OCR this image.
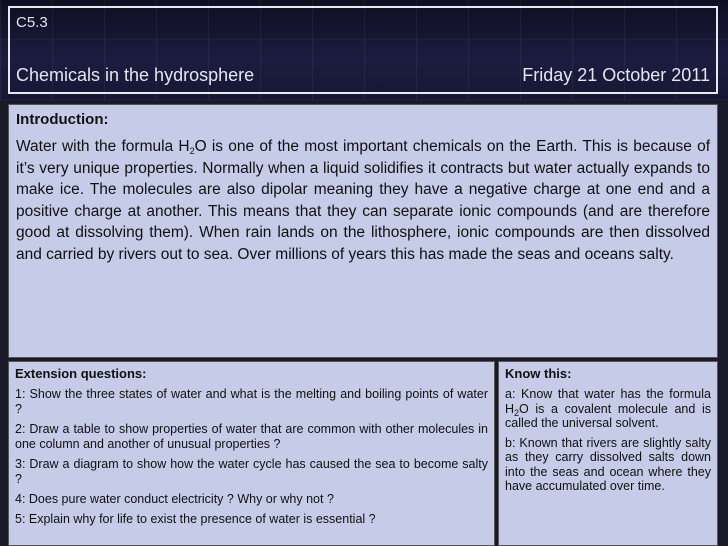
C5.3
Chemicals in the hydrosphere	Friday 21 October 2011
Introduction:

Water with the formula $H_2O$ is one of the most important chemicals on the Earth. This is because of it’s very unique properties. Normally when a liquid solidifies it contracts but water actually expands to make ice. The molecules are also dipolar meaning they have a negative charge at one end and a positive charge at another. This means that they can separate ionic compounds (and are therefore good at dissolving them). When rain lands on the lithosphere, ionic compounds are then dissolved and carried by rivers out to sea. Over millions of years this has made the seas and oceans salty.

Extension questions:
1: Show the three states of water and what is the melting and boiling points of water ?
2: Draw a table to show properties of water that are common with other molecules in one column and another of unusual properties ?
3: Draw a diagram to show how the water cycle has caused the sea to become salty ?
4: Does pure water conduct electricity ? Why or why not ?
5: Explain why for life to exist the presence of water is essential ?
Know this:
a: Know that water has the formula $H_2O$ is a covalent molecule and is called the universal solvent.
b: Known that rivers are slightly salty as they carry dissolved salts down into the seas and ocean where they have accumulated over time.
